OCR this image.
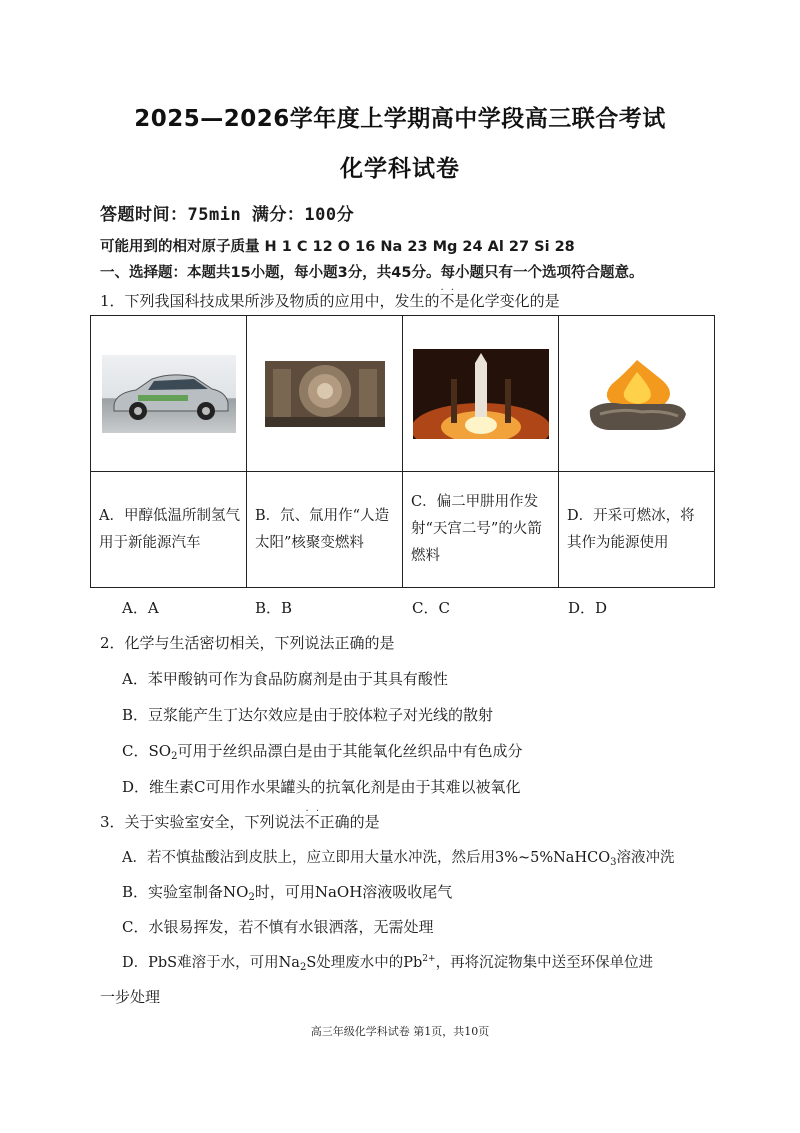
2025—2026学年度上学期高中学段高三联合考试
化学科试卷
答题时间：75min 满分：100分
可能用到的相对原子质量 H 1 C 12 O 16 Na 23 Mg 24 Al 27 Si 28
一、选择题：本题共15小题，每小题3分，共45分。每小题只有一个选项符合题意。
1．下列我国科技成果所涉及物质的应用中，发生的不是 · ·化学变化的是

A．甲醇低温所制氢气用于新能源汽车	B．氘、氚用作“人造太阳”核聚变燃料	C．偏二甲肼用作发射“天宫二号”的火箭燃料	D．开采可燃冰，将其作为能源使用
A．A	B．B	C．C	D．D
2．化学与生活密切相关，下列说法正确的是
A．苯甲酸钠可作为食品防腐剂是由于其具有酸性
B．豆浆能产生丁达尔效应是由于胶体粒子对光线的散射
C．$SO_2$可用于丝织品漂白是由于其能氧化丝织品中有色成分
D．维生素C可用作水果罐头的抗氧化剂是由于其难以被氧化
3．关于实验室安全，下列说法不正 · ·确的是
A．若不慎盐酸沾到皮肤上，应立即用大量水冲洗，然后用3%~5%NaHCO$_3$溶液冲洗
B．实验室制备$NO_2$时，可用NaOH溶液吸收尾气
C．水银易挥发，若不慎有水银洒落，无需处理
D．PbS难溶于水，可用$Na_2S$处理废水中的$Pb^{2+}$，再将沉淀物集中送至环保单位进
一步处理
高三年级化学科试卷 第1页，共10页
